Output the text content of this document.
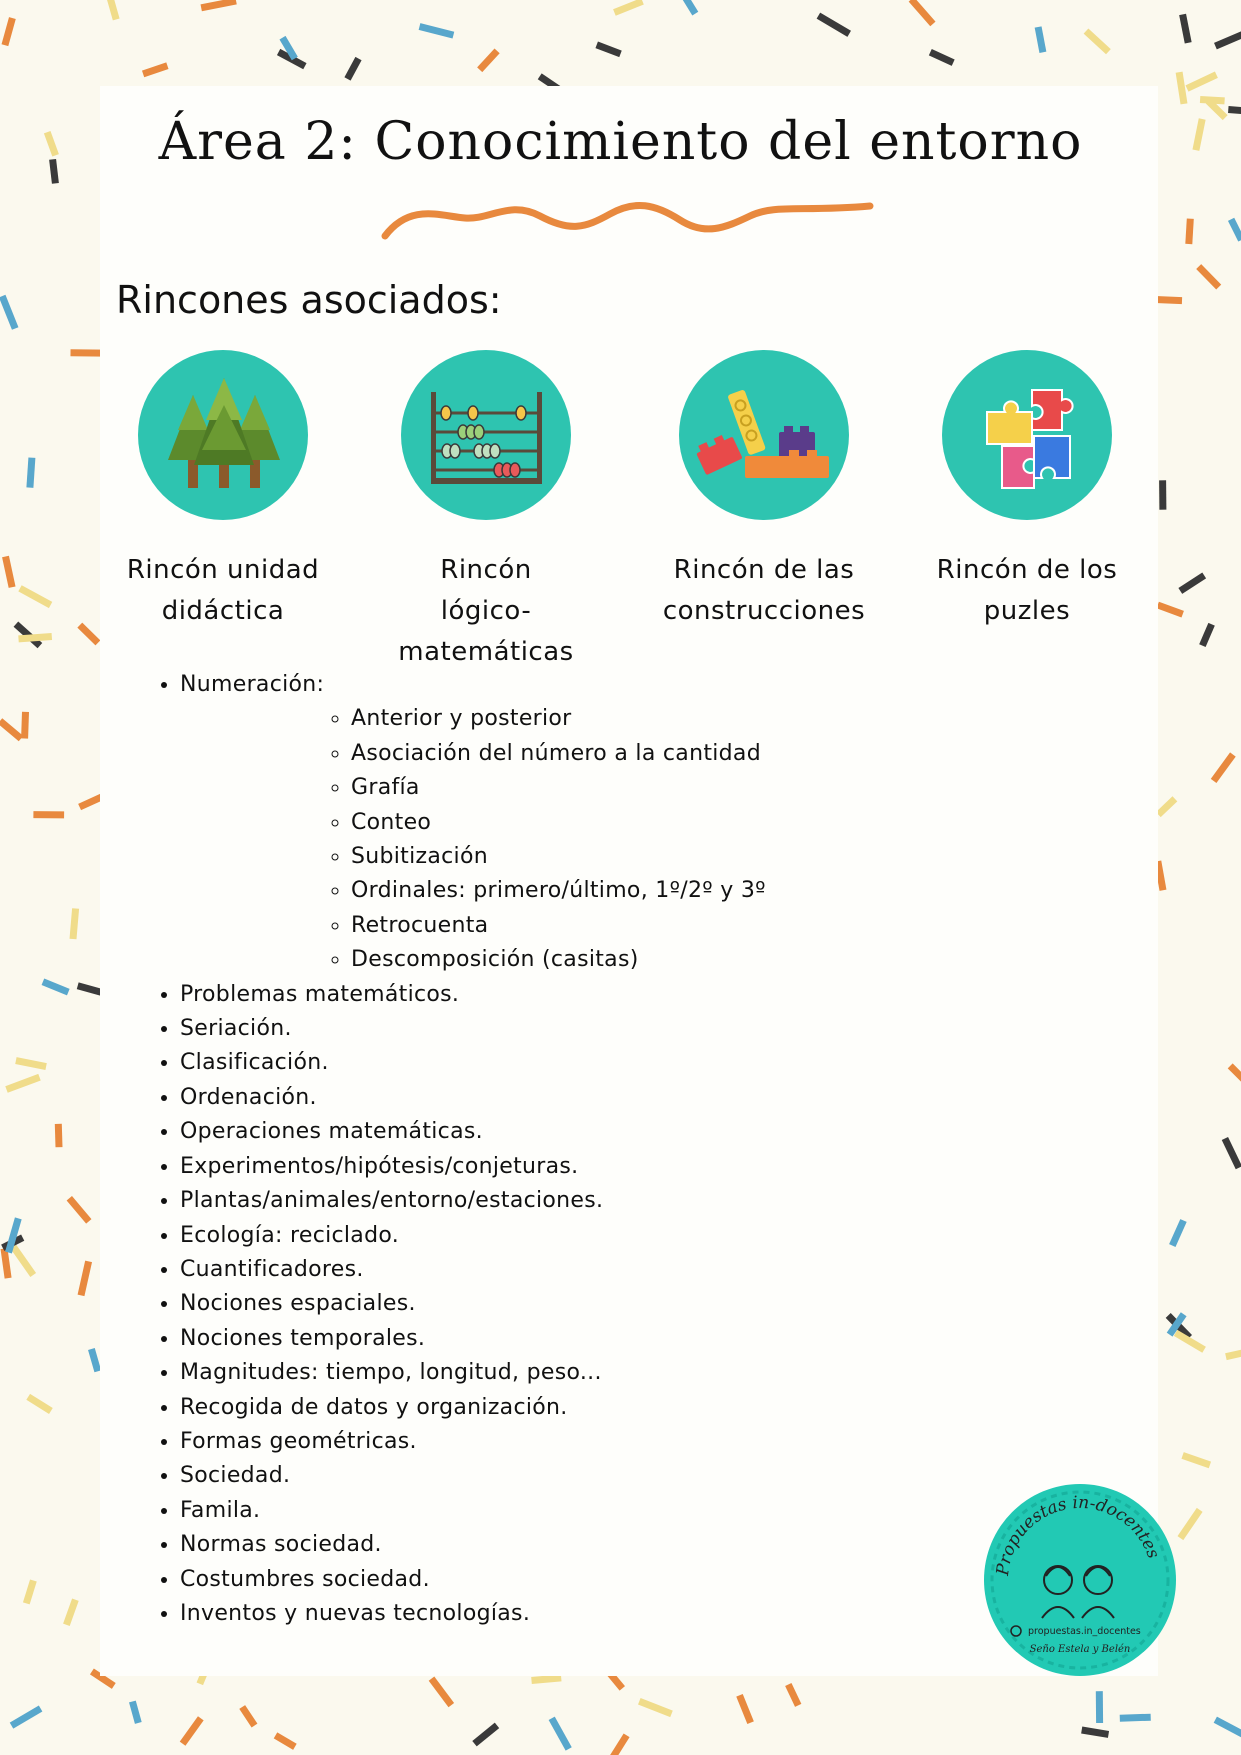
Área 2: Conocimiento del entorno
Rincones asociados:
Rincón unidad
didáctica
Rincón
lógico-matemáticas
Rincón de las
construcciones
Rincón de los
puzles
• Numeración:
◦ Anterior y posterior
◦ Asociación del número a la cantidad
◦ Grafía
◦ Conteo
◦ Subitización
◦ Ordinales: primero/último, 1º/2º y 3º
◦ Retrocuenta
◦ Descomposición (casitas)
• Problemas matemáticos.
• Seriación.
• Clasificación.
• Ordenación.
• Operaciones matemáticas.
• Experimentos/hipótesis/conjeturas.
• Plantas/animales/entorno/estaciones.
• Ecología: reciclado.
• Cuantificadores.
• Nociones espaciales.
• Nociones temporales.
• Magnitudes: tiempo, longitud, peso...
• Recogida de datos y organización.
• Formas geométricas.
• Sociedad.
• Famila.
• Normas sociedad.
• Costumbres sociedad.
• Inventos y nuevas tecnologías.
Propuestas in-docentes
propuestas.in_docentes
Seño Estela y Belén
